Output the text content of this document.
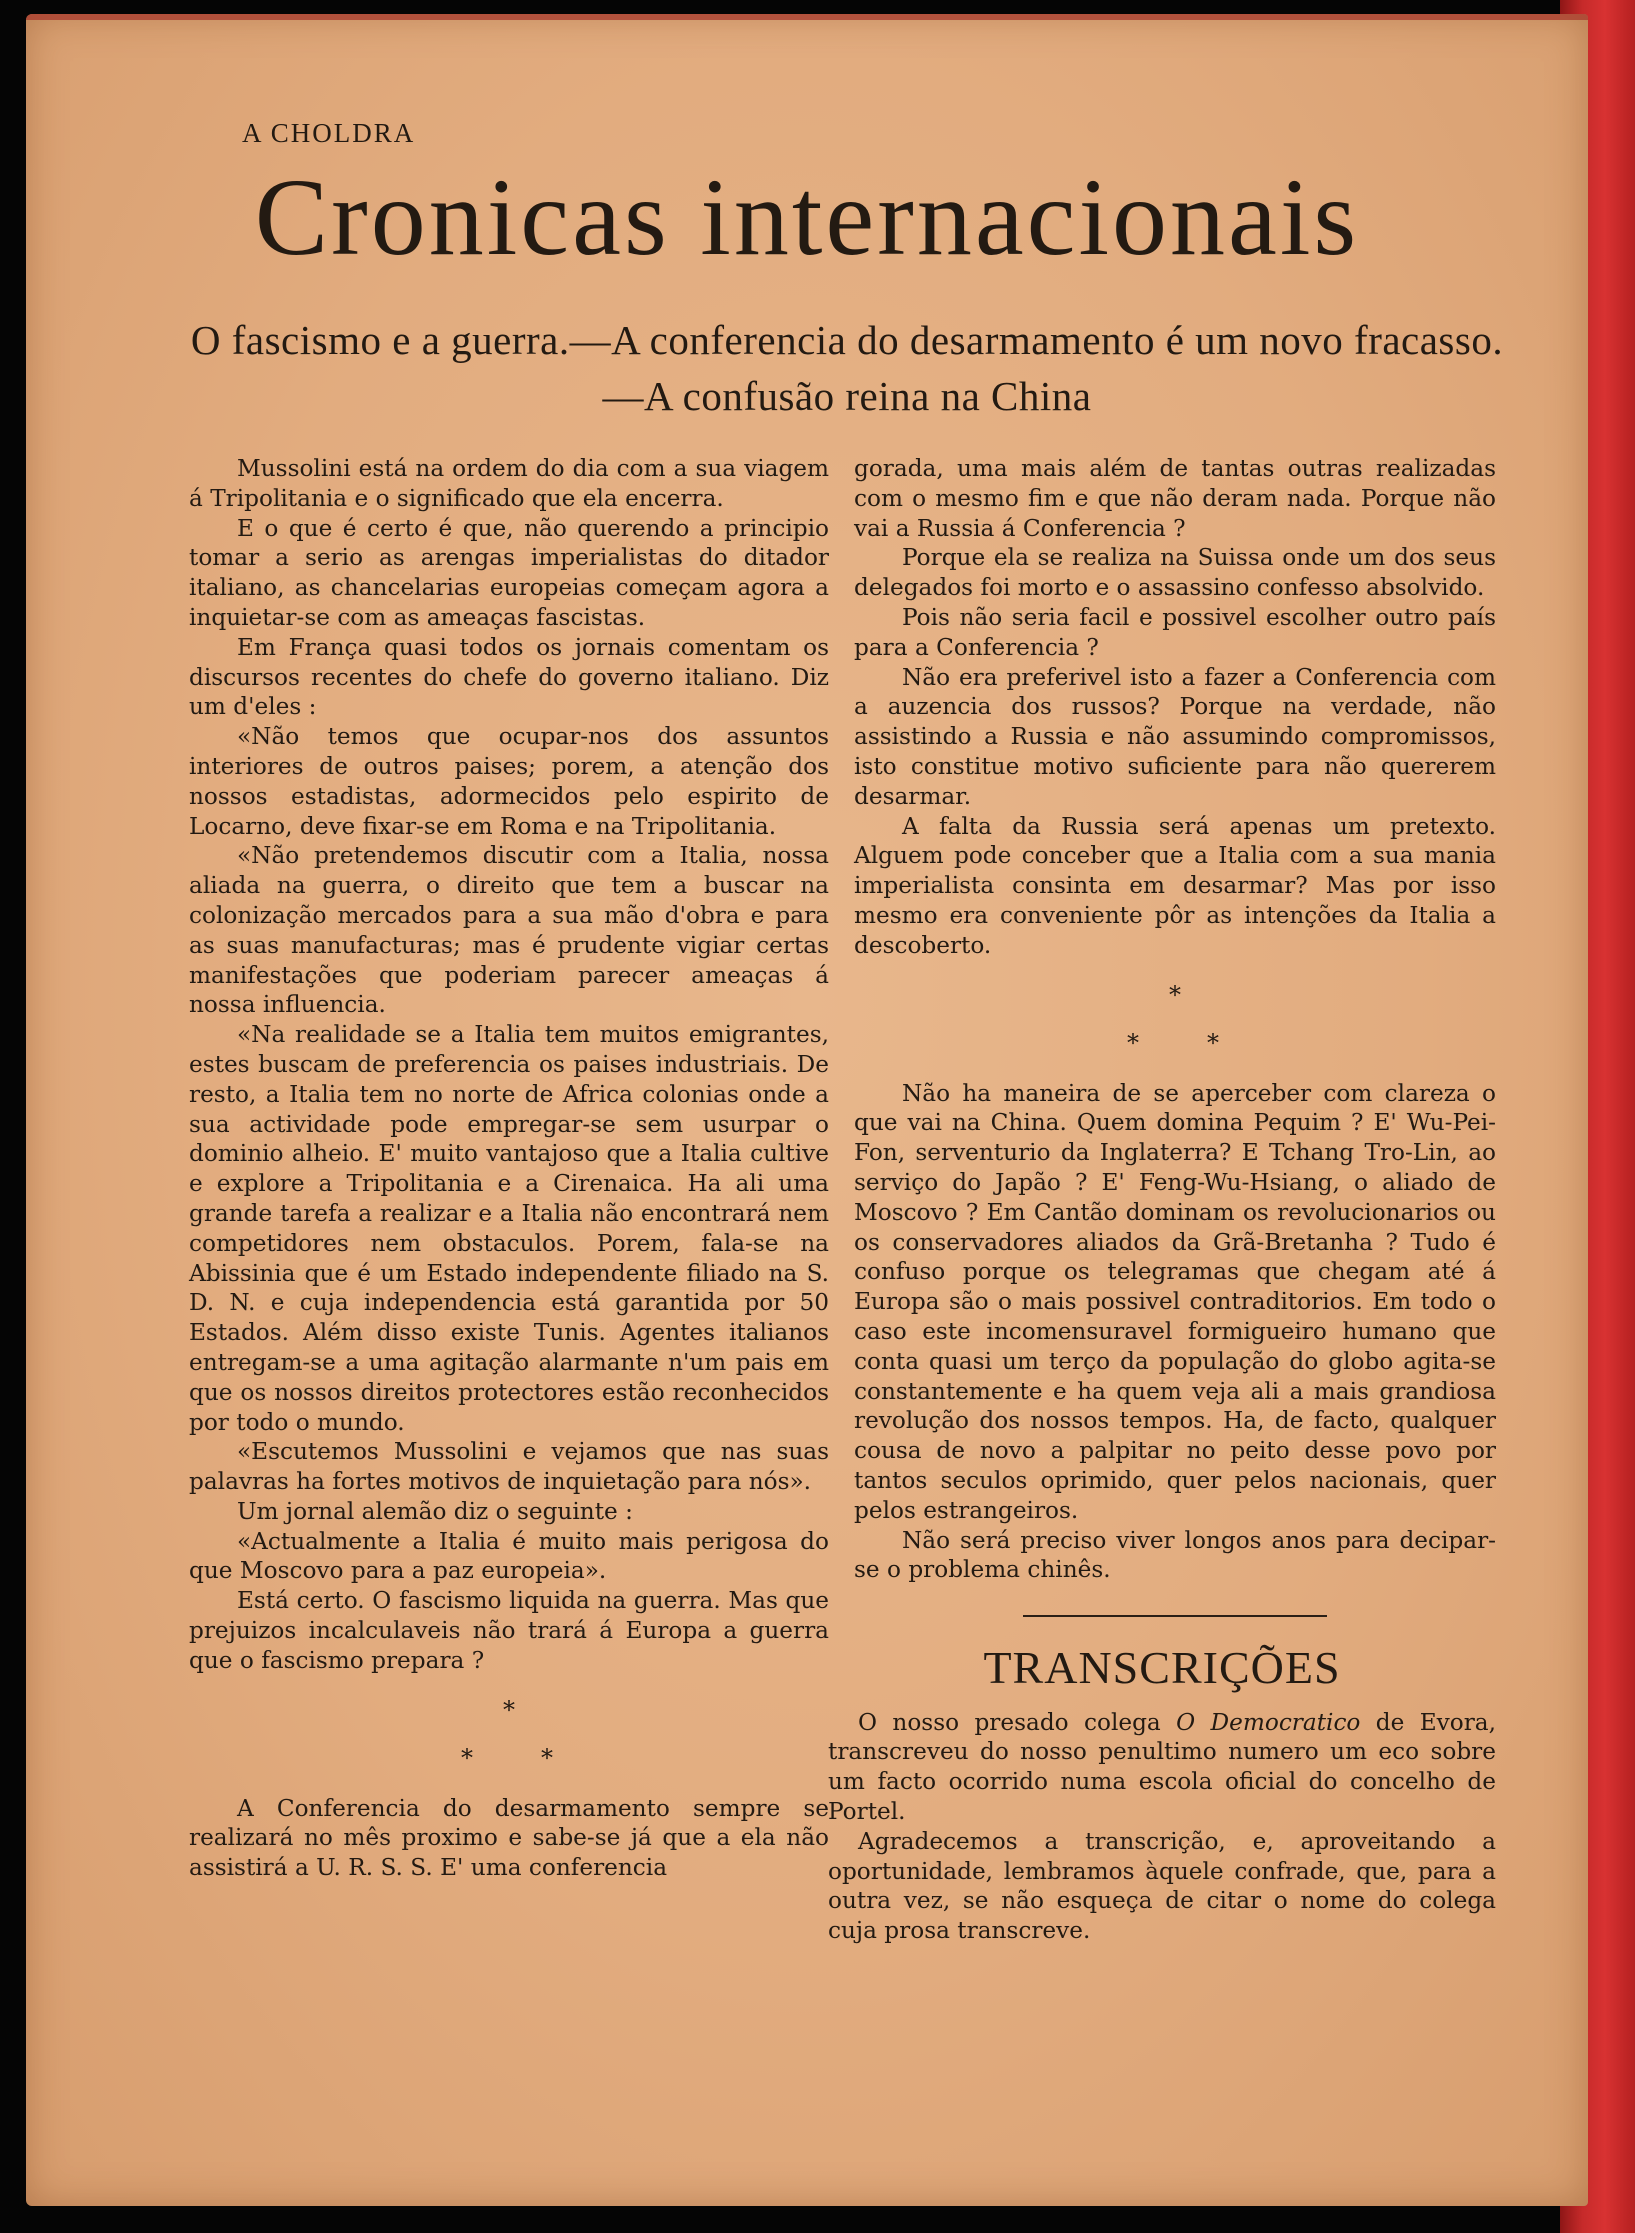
A CHOLDRA
Cronicas internacionais
O fascismo e a guerra.—A conferencia do desarmamento é um novo fracasso.—A confusão reina na China

Mussolini está na ordem do dia com a sua viagem á Tripolitania e o significado que ela encerra.

E o que é certo é que, não querendo a principio tomar a serio as arengas imperialistas do ditador italiano, as chancelarias europeias começam agora a inquietar-se com as ameaças fascistas.

Em França quasi todos os jornais comentam os discursos recentes do chefe do governo italiano. Diz um d'eles :

«Não temos que ocupar-nos dos assuntos interiores de outros paises; porem, a atenção dos nossos estadistas, adormecidos pelo espirito de Locarno, deve fixar-se em Roma e na Tripolitania.

«Não pretendemos discutir com a Italia, nossa aliada na guerra, o direito que tem a buscar na colonização mercados para a sua mão d'obra e para as suas manufacturas; mas é prudente vigiar certas manifestações que poderiam parecer ameaças á nossa influencia.

«Na realidade se a Italia tem muitos emigrantes, estes buscam de preferencia os paises industriais. De resto, a Italia tem no norte de Africa colonias onde a sua actividade pode empregar-se sem usurpar o dominio alheio. E' muito vantajoso que a Italia cultive e explore a Tripolitania e a Cirenaica. Ha ali uma grande tarefa a realizar e a Italia não encontrará nem competidores nem obstaculos. Porem, fala-se na Abissinia que é um Estado independente filiado na S. D. N. e cuja independencia está garantida por 50 Estados. Além disso existe Tunis. Agentes italianos entregam-se a uma agitação alarmante n'um pais em que os nossos direitos protectores estão reconhecidos por todo o mundo.

«Escutemos Mussolini e vejamos que nas suas palavras ha fortes motivos de inquietação para nós».

Um jornal alemão diz o seguinte :

«Actualmente a Italia é muito mais perigosa do que Moscovo para a paz europeia».

Está certo. O fascismo liquida na guerra. Mas que prejuizos incalculaveis não trará á Europa a guerra que o fascismo prepara ?

*
*	*

A Conferencia do desarmamento sempre se realizará no mês proximo e sabe-se já que a ela não assistirá a U. R. S. S. E' uma conferencia

gorada, uma mais além de tantas outras realizadas com o mesmo fim e que não deram nada. Porque não vai a Russia á Conferencia ?

Porque ela se realiza na Suissa onde um dos seus delegados foi morto e o assassino confesso absolvido.

Pois não seria facil e possivel escolher outro país para a Conferencia ?

Não era preferivel isto a fazer a Conferencia com a auzencia dos russos? Porque na verdade, não assistindo a Russia e não assumindo compromissos, isto constitue motivo suficiente para não quererem desarmar.

A falta da Russia será apenas um pretexto. Alguem pode conceber que a Italia com a sua mania imperialista consinta em desarmar? Mas por isso mesmo era conveniente pôr as intenções da Italia a descoberto.

*
*	*

Não ha maneira de se aperceber com clareza o que vai na China. Quem domina Pequim ? E' Wu-Pei-Fon, serventurio da Inglaterra? E Tchang Tro-Lin, ao serviço do Japão ? E' Feng-Wu-Hsiang, o aliado de Moscovo ? Em Cantão dominam os revolucionarios ou os conservadores aliados da Grã-Bretanha ? Tudo é confuso porque os telegramas que chegam até á Europa são o mais possivel contraditorios. Em todo o caso este incomensuravel formigueiro humano que conta quasi um terço da população do globo agita-se constantemente e ha quem veja ali a mais grandiosa revolução dos nossos tempos. Ha, de facto, qualquer cousa de novo a palpitar no peito desse povo por tantos seculos oprimido, quer pelos nacionais, quer pelos estrangeiros.

Não será preciso viver longos anos para decipar-se o problema chinês.

TRANSCRIÇÕES

O nosso presado colega O Democratico de Evora, transcreveu do nosso penultimo numero um eco sobre um facto ocorrido numa escola oficial do concelho de Portel.

Agradecemos a transcrição, e, aproveitando a oportunidade, lembramos àquele confrade, que, para a outra vez, se não esqueça de citar o nome do colega cuja prosa transcreve.
